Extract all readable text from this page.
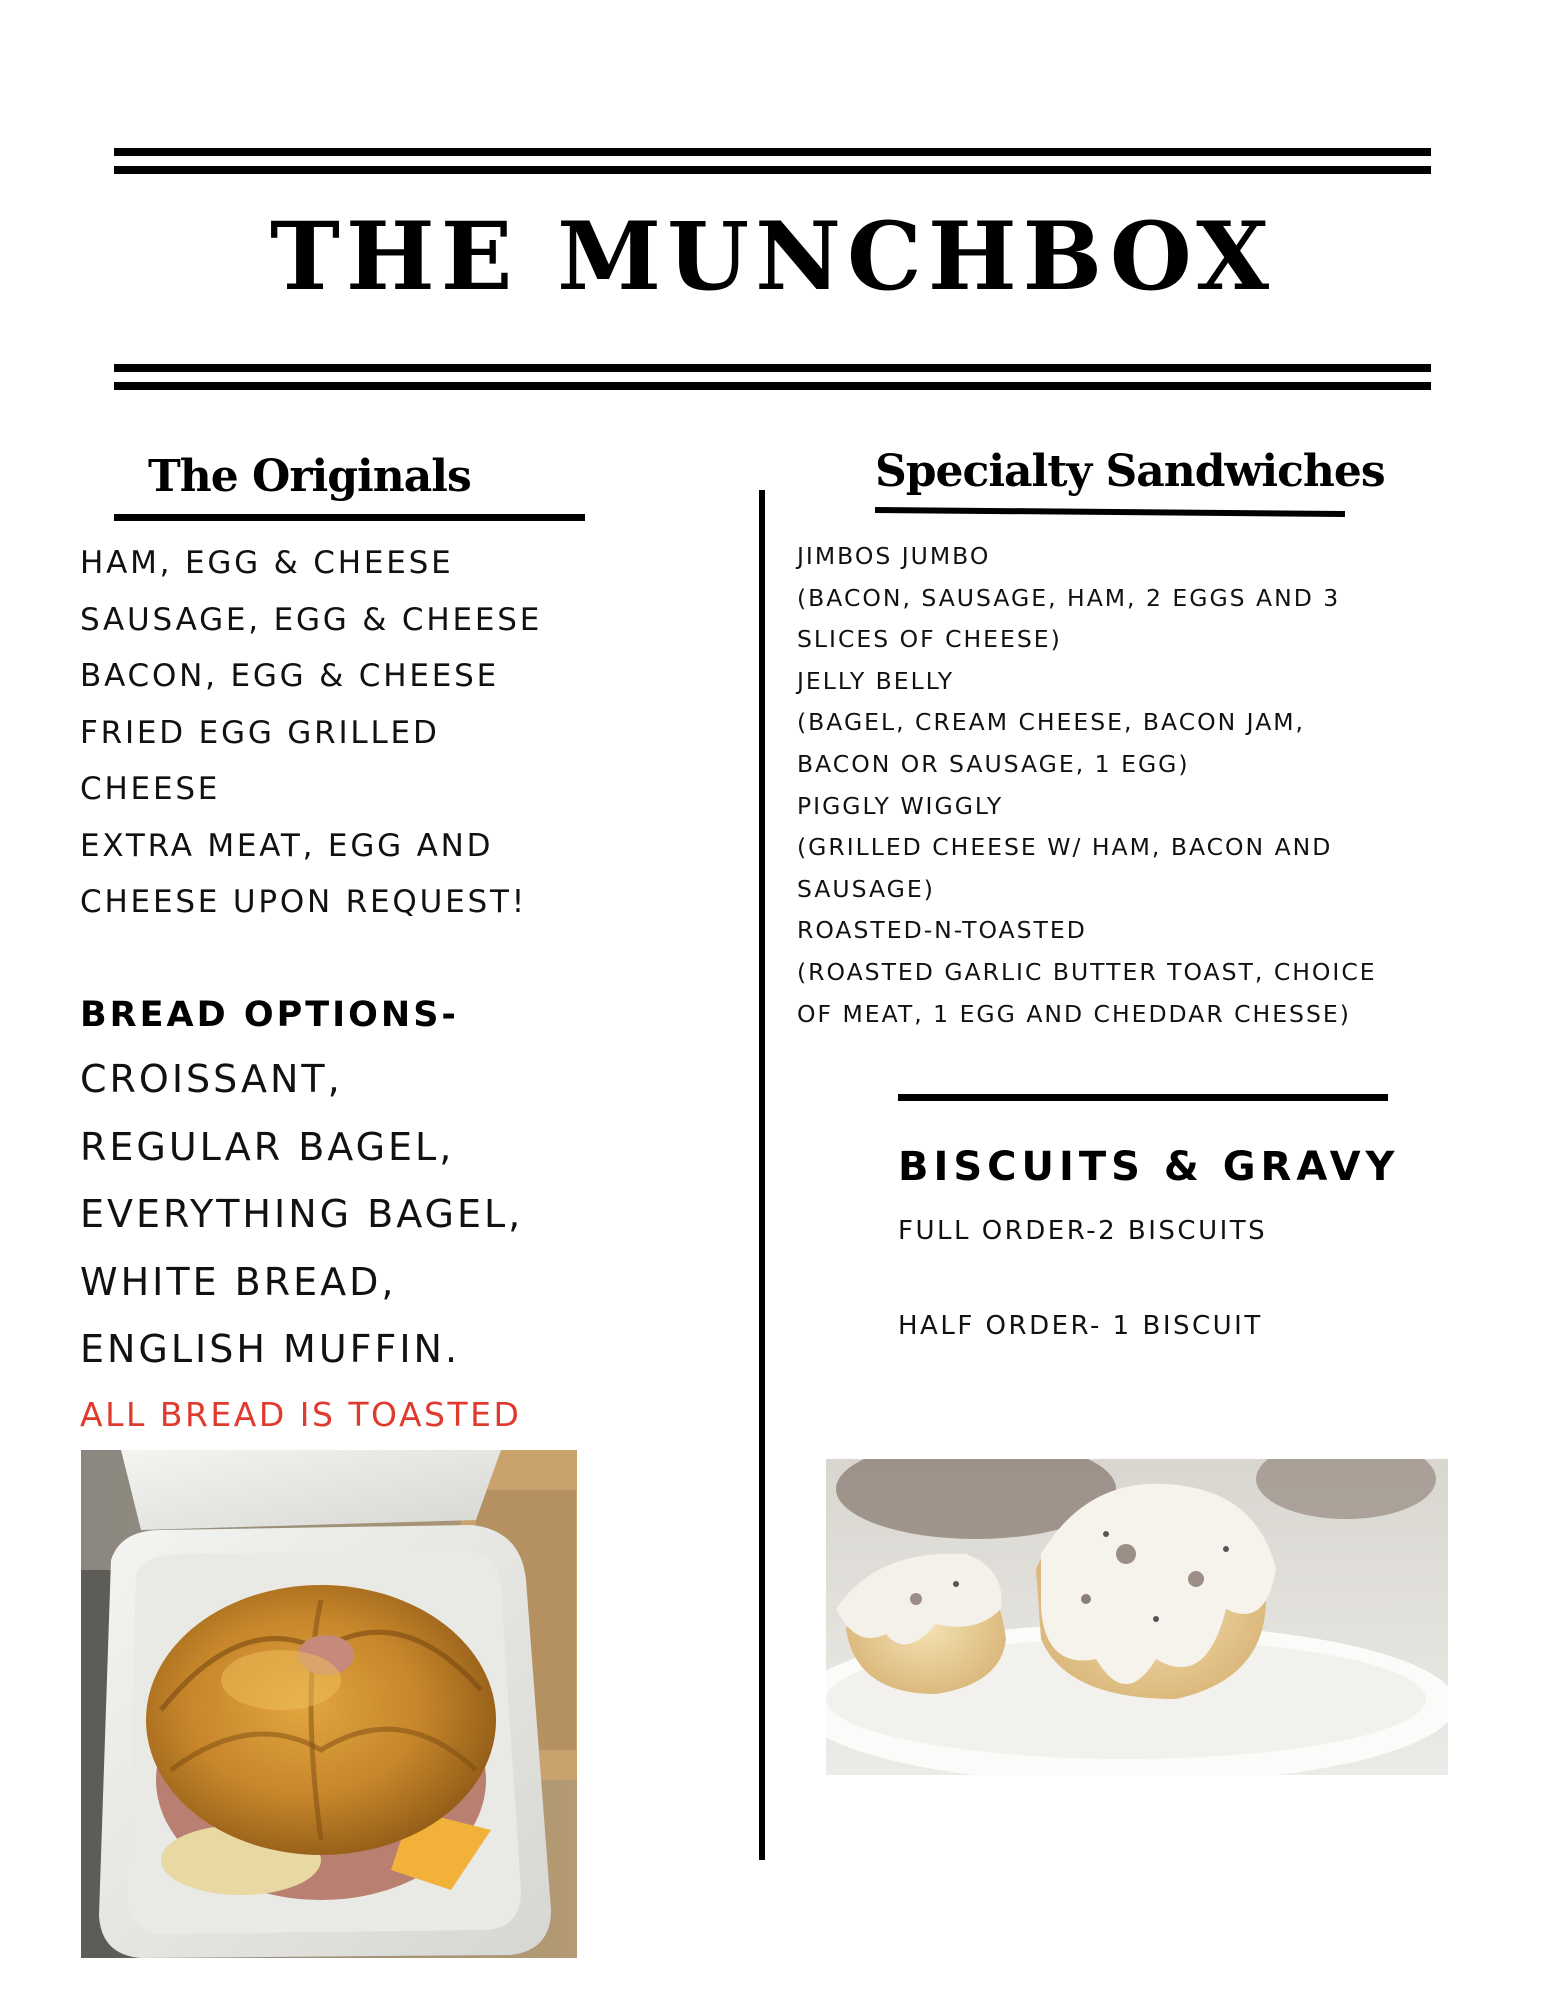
THE MUNCHBOX
The Originals
HAM, EGG & CHEESE
SAUSAGE, EGG & CHEESE
BACON, EGG & CHEESE
FRIED EGG GRILLED
CHEESE
EXTRA MEAT, EGG AND
CHEESE UPON REQUEST!
BREAD OPTIONS-
CROISSANT,
REGULAR BAGEL,
EVERYTHING BAGEL,
WHITE BREAD,
ENGLISH MUFFIN.
ALL BREAD IS TOASTED
Specialty Sandwiches
JIMBOS JUMBO
(BACON, SAUSAGE, HAM, 2 EGGS AND 3
SLICES OF CHEESE)
JELLY BELLY
(BAGEL, CREAM CHEESE, BACON JAM,
BACON OR SAUSAGE, 1 EGG)
PIGGLY WIGGLY
(GRILLED CHEESE W/ HAM, BACON AND
SAUSAGE)
ROASTED-N-TOASTED
(ROASTED GARLIC BUTTER TOAST, CHOICE
OF MEAT, 1 EGG AND CHEDDAR CHESSE)
BISCUITS & GRAVY
FULL ORDER-2 BISCUITS
HALF ORDER- 1 BISCUIT
